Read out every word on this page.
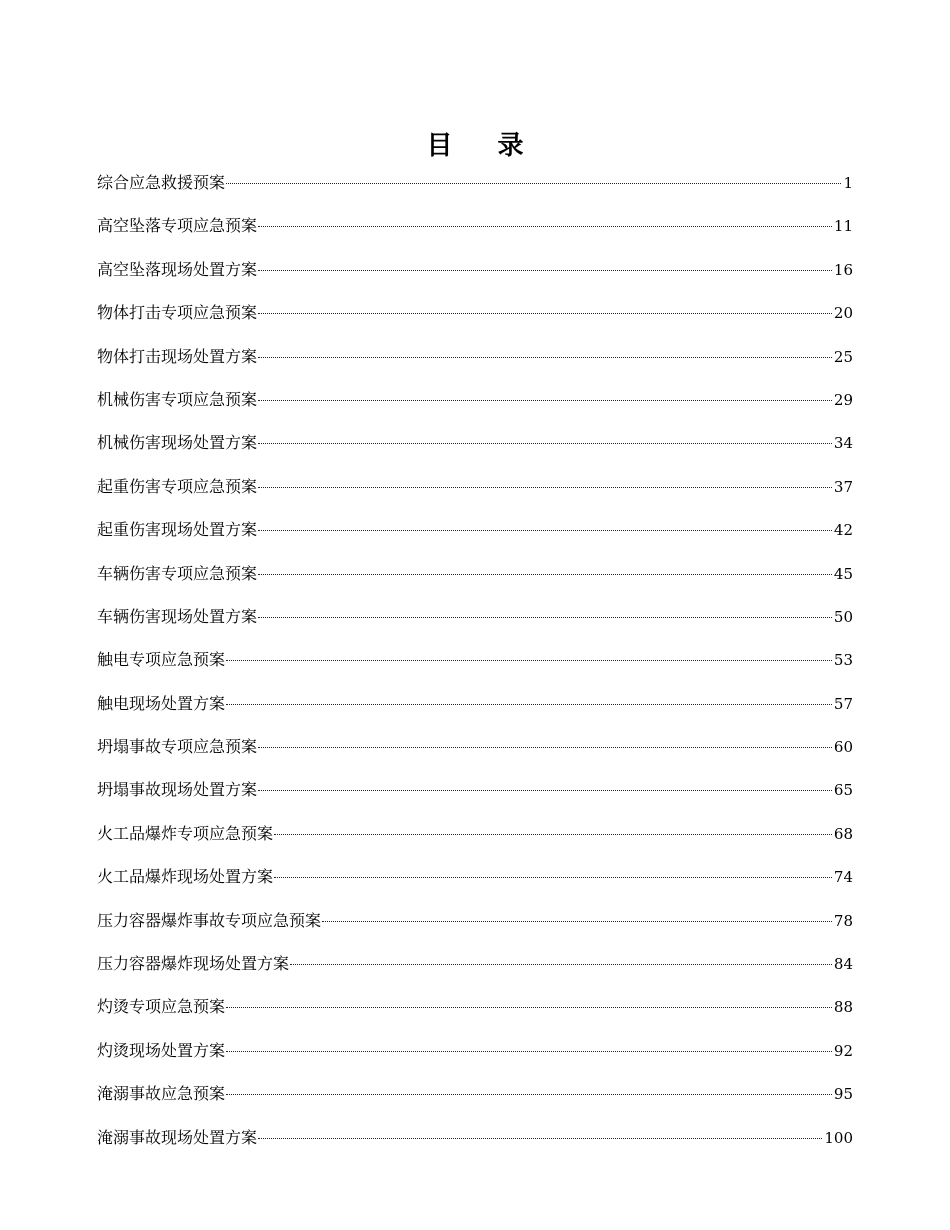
目 录
综合应急救援预案	1
高空坠落专项应急预案	11
高空坠落现场处置方案	16
物体打击专项应急预案	20
物体打击现场处置方案	25
机械伤害专项应急预案	29
机械伤害现场处置方案	34
起重伤害专项应急预案	37
起重伤害现场处置方案	42
车辆伤害专项应急预案	45
车辆伤害现场处置方案	50
触电专项应急预案	53
触电现场处置方案	57
坍塌事故专项应急预案	60
坍塌事故现场处置方案	65
火工品爆炸专项应急预案	68
火工品爆炸现场处置方案	74
压力容器爆炸事故专项应急预案	78
压力容器爆炸现场处置方案	84
灼烫专项应急预案	88
灼烫现场处置方案	92
淹溺事故应急预案	95
淹溺事故现场处置方案	100
